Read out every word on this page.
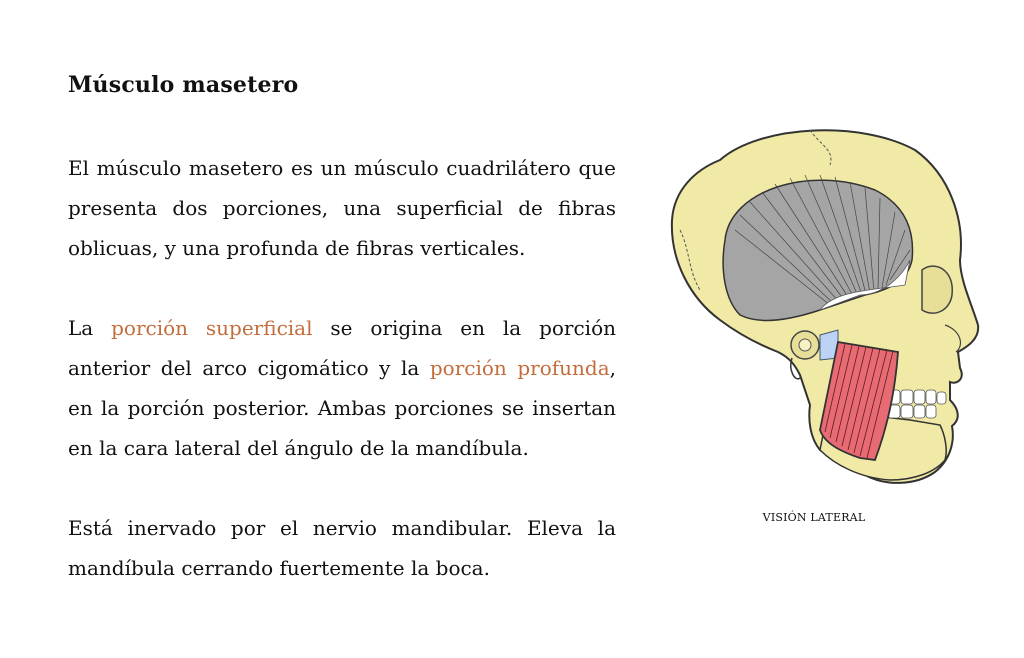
Músculo masetero

El músculo masetero es un músculo cuadrilátero que presenta dos porciones, una superficial de fibras oblicuas, y una profunda de fibras verticales.

La porción superficial se origina en la porción anterior del arco cigomático y la porción profunda, en la porción posterior. Ambas porciones se insertan en la cara lateral del ángulo de la mandíbula.

Está inervado por el nervio mandibular. Eleva la mandíbula cerrando fuertemente la boca.

VISIÓN LATERAL
